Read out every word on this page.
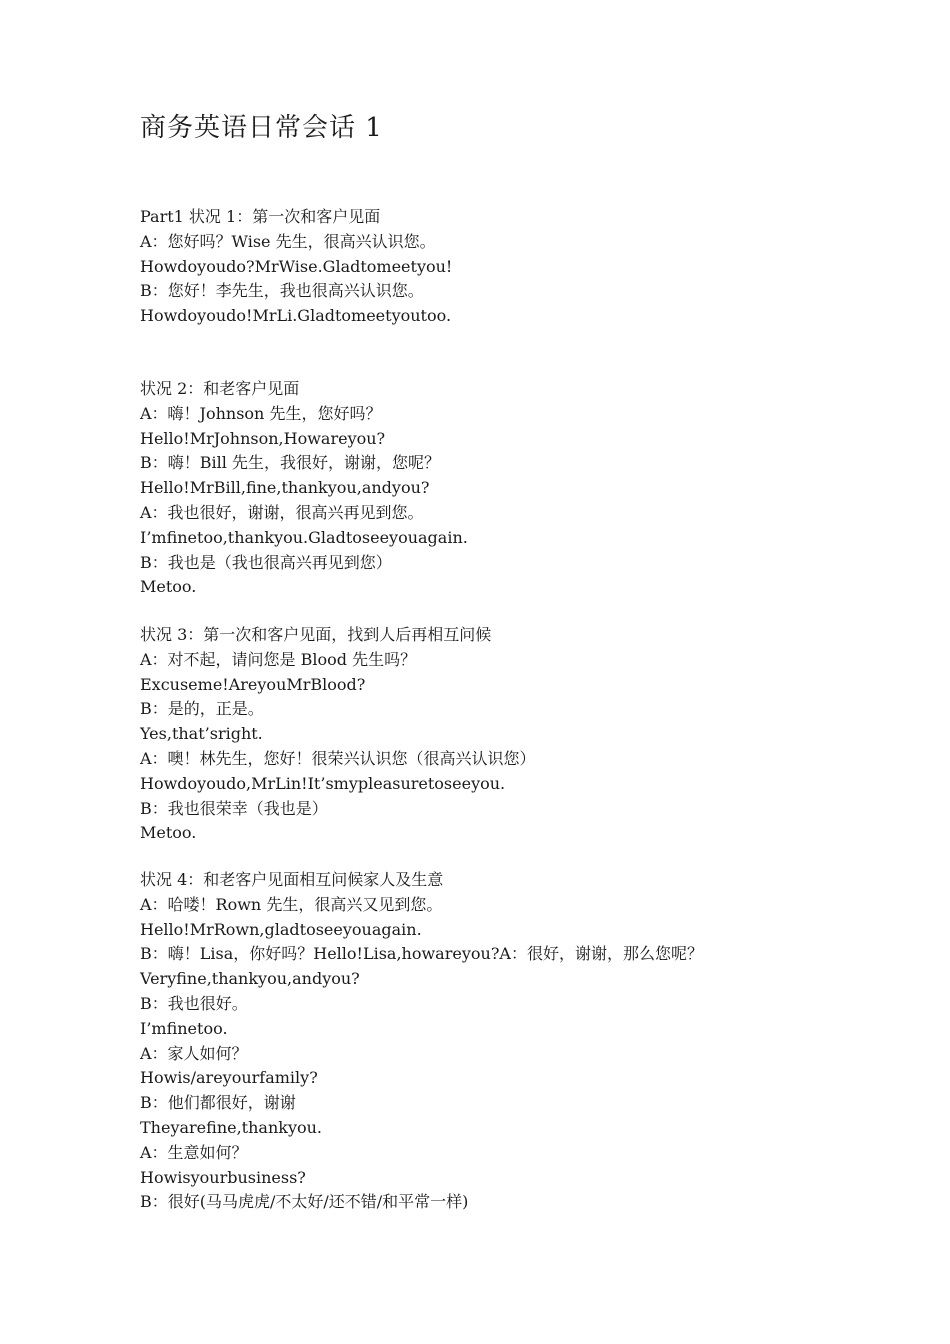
商务英语日常会话 1
Part1 状况 1：第一次和客户见面
A：您好吗？Wise 先生，很高兴认识您。
Howdoyoudo?MrWise.Gladtomeetyou!
B：您好！李先生，我也很高兴认识您。
Howdoyoudo!MrLi.Gladtomeetyoutoo.
状况 2：和老客户见面
A：嗨！Johnson 先生，您好吗？
Hello!MrJohnson,Howareyou?
B：嗨！Bill 先生，我很好，谢谢，您呢？
Hello!MrBill,fine,thankyou,andyou?
A：我也很好，谢谢，很高兴再见到您。
I’mfinetoo,thankyou.Gladtoseeyouagain.
B：我也是（我也很高兴再见到您）
Metoo.
状况 3：第一次和客户见面，找到人后再相互问候
A：对不起，请问您是 Blood 先生吗？
Excuseme!AreyouMrBlood?
B：是的，正是。
Yes,that’sright.
A：噢！林先生，您好！很荣兴认识您（很高兴认识您）
Howdoyoudo,MrLin!It’smypleasuretoseeyou.
B：我也很荣幸（我也是）
Metoo.
状况 4：和老客户见面相互问候家人及生意
A：哈喽！Rown 先生，很高兴又见到您。
Hello!MrRown,gladtoseeyouagain.
B：嗨！Lisa，你好吗？Hello!Lisa,howareyou?A：很好，谢谢，那么您呢？
Veryfine,thankyou,andyou?
B：我也很好。
I’mfinetoo.
A：家人如何？
Howis/areyourfamily?
B：他们都很好，谢谢
Theyarefine,thankyou.
A：生意如何？
Howisyourbusiness?
B：很好(马马虎虎/不太好/还不错/和平常一样)
